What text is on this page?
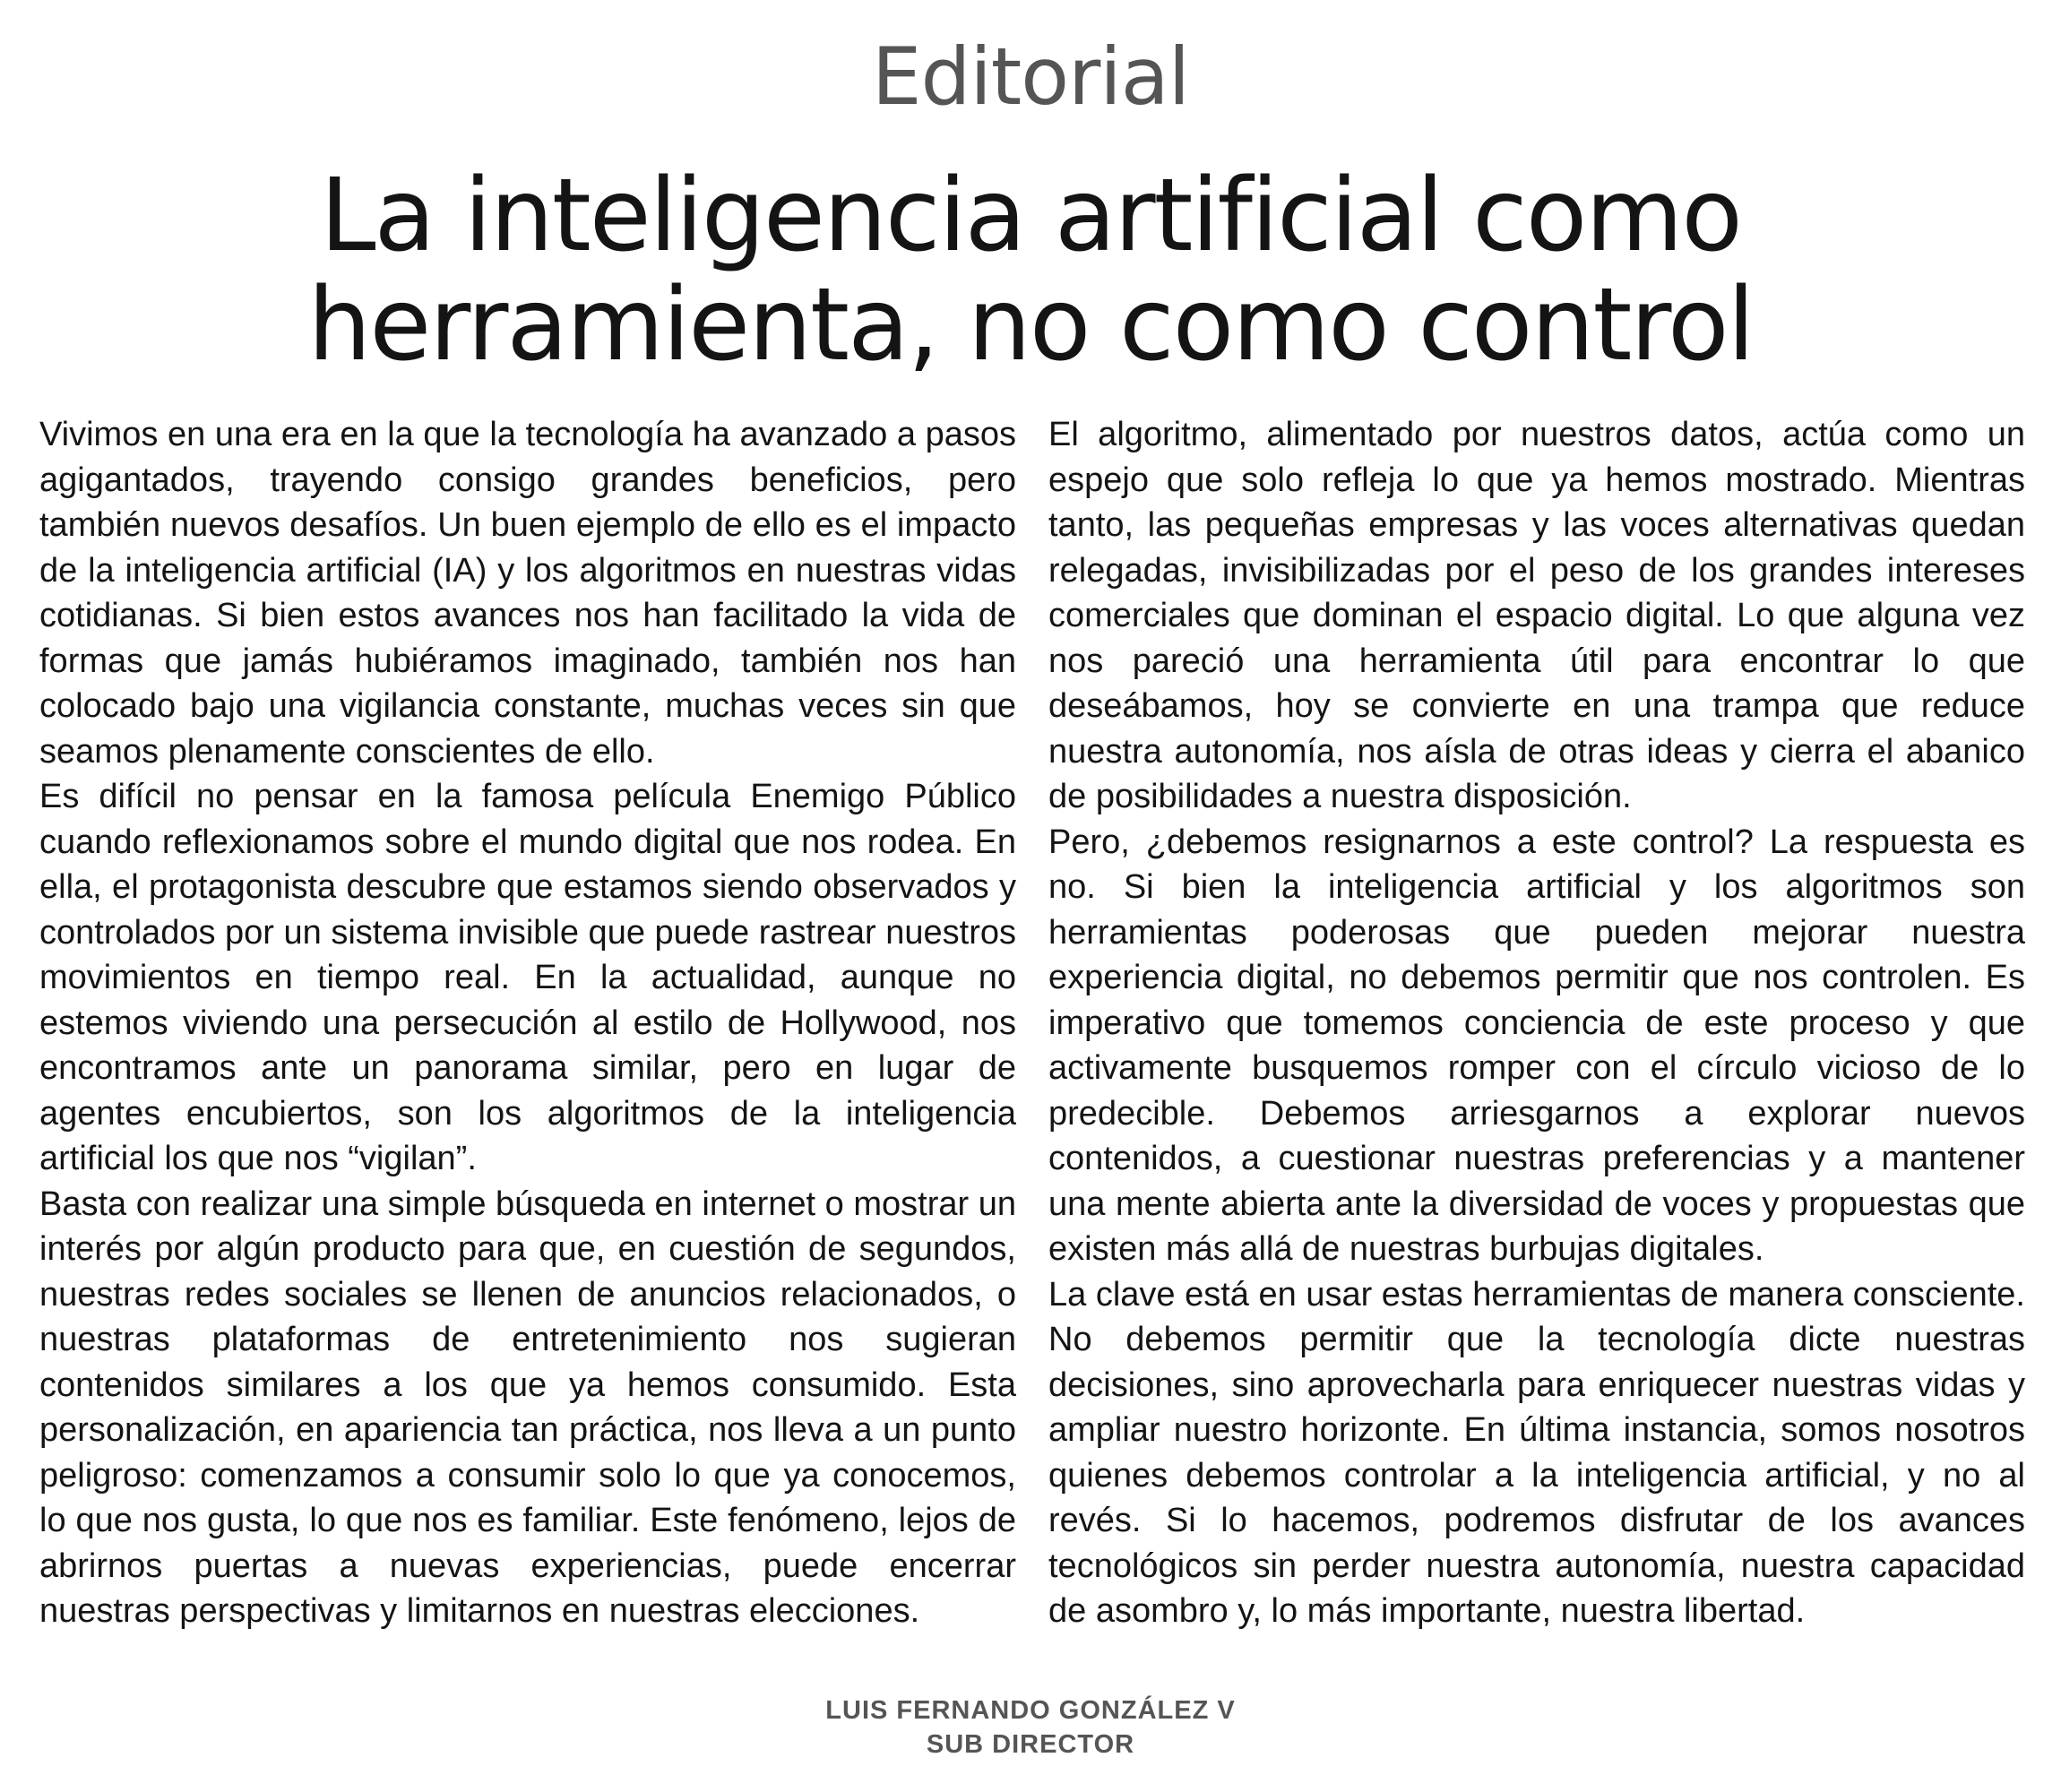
Editorial
La inteligencia artificial como herramienta, no como control

Vivimos en una era en la que la tecnología ha avanzado a pasos agigantados, trayendo consigo grandes beneficios, pero también nuevos desafíos. Un buen ejemplo de ello es el impacto de la inteligencia artificial (IA) y los algoritmos en nuestras vidas cotidianas. Si bien estos avances nos han facilitado la vida de formas que jamás hubiéramos imaginado, también nos han colocado bajo una vigilancia constante, muchas veces sin que seamos plenamente conscientes de ello.

Es difícil no pensar en la famosa película Enemigo Público cuando reflexionamos sobre el mundo digital que nos rodea. En ella, el protagonista descubre que estamos siendo observados y controlados por un sistema invisible que puede rastrear nuestros movimientos en tiempo real. En la actualidad, aunque no estemos viviendo una persecución al estilo de Hollywood, nos encontramos ante un panorama similar, pero en lugar de agentes encubiertos, son los algoritmos de la inteligencia artificial los que nos “vigilan”.

Basta con realizar una simple búsqueda en internet o mostrar un interés por algún producto para que, en cuestión de segundos, nuestras redes sociales se llenen de anuncios relacionados, o nuestras plataformas de entretenimiento nos sugieran contenidos similares a los que ya hemos consumido. Esta personalización, en apariencia tan práctica, nos lleva a un punto peligroso: comenzamos a consumir solo lo que ya conocemos, lo que nos gusta, lo que nos es familiar. Este fenómeno, lejos de abrirnos puertas a nuevas experiencias, puede encerrar nuestras perspectivas y limitarnos en nuestras elecciones.

El algoritmo, alimentado por nuestros datos, actúa como un espejo que solo refleja lo que ya hemos mostrado. Mientras tanto, las pequeñas empresas y las voces alternativas quedan relegadas, invisibilizadas por el peso de los grandes intereses comerciales que dominan el espacio digital. Lo que alguna vez nos pareció una herramienta útil para encontrar lo que deseábamos, hoy se convierte en una trampa que reduce nuestra autonomía, nos aísla de otras ideas y cierra el abanico de posibilidades a nuestra disposición.

Pero, ¿debemos resignarnos a este control? La respuesta es no. Si bien la inteligencia artificial y los algoritmos son herramientas poderosas que pueden mejorar nuestra experiencia digital, no debemos permitir que nos controlen. Es imperativo que tomemos conciencia de este proceso y que activamente busquemos romper con el círculo vicioso de lo predecible. Debemos arriesgarnos a explorar nuevos contenidos, a cuestionar nuestras preferencias y a mantener una mente abierta ante la diversidad de voces y propuestas que existen más allá de nuestras burbujas digitales.

La clave está en usar estas herramientas de manera consciente. No debemos permitir que la tecnología dicte nuestras decisiones, sino aprovecharla para enriquecer nuestras vidas y ampliar nuestro horizonte. En última instancia, somos nosotros quienes debemos controlar a la inteligencia artificial, y no al revés. Si lo hacemos, podremos disfrutar de los avances tecnológicos sin perder nuestra autonomía, nuestra capacidad de asombro y, lo más importante, nuestra libertad.

LUIS FERNANDO GONZÁLEZ V
SUB DIRECTOR
